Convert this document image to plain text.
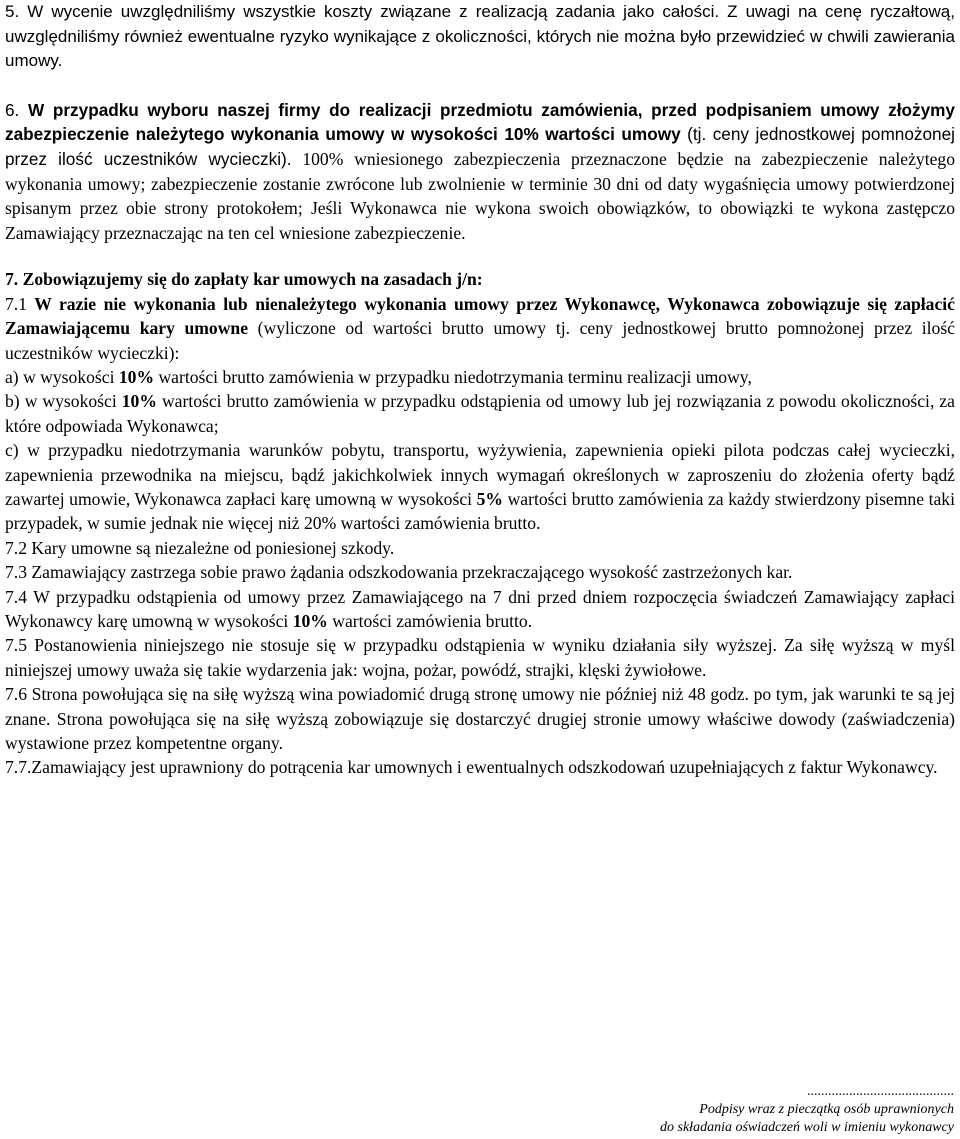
5. W wycenie uwzględniliśmy wszystkie koszty związane z realizacją zadania jako całości. Z uwagi na cenę ryczałtową, uwzględniliśmy również ewentualne ryzyko wynikające z okoliczności, których nie można było przewidzieć w chwili zawierania umowy.

6. W przypadku wyboru naszej firmy do realizacji przedmiotu zamówienia, przed podpisaniem umowy złożymy zabezpieczenie należytego wykonania umowy w wysokości 10% wartości umowy (tj. ceny jednostkowej pomnożonej przez ilość uczestników wycieczki). 100% wniesionego zabezpieczenia przeznaczone będzie na zabezpieczenie należytego wykonania umowy; zabezpieczenie zostanie zwrócone lub zwolnienie w terminie 30 dni od daty wygaśnięcia umowy potwierdzonej spisanym przez obie strony protokołem; Jeśli Wykonawca nie wykona swoich obowiązków, to obowiązki te wykona zastępczo Zamawiający przeznaczając na ten cel wniesione zabezpieczenie.

7. Zobowiązujemy się do zapłaty kar umowych na zasadach j/n:

7.1 W razie nie wykonania lub nienależytego wykonania umowy przez Wykonawcę, Wykonawca zobowiązuje się zapłacić Zamawiającemu kary umowne (wyliczone od wartości brutto umowy tj. ceny jednostkowej brutto pomnożonej przez ilość uczestników wycieczki):

a) w wysokości 10% wartości brutto zamówienia w przypadku niedotrzymania terminu realizacji umowy,

b) w wysokości 10% wartości brutto zamówienia w przypadku odstąpienia od umowy lub jej rozwiązania z powodu okoliczności, za które odpowiada Wykonawca;

c) w przypadku niedotrzymania warunków pobytu, transportu, wyżywienia, zapewnienia opieki pilota podczas całej wycieczki, zapewnienia przewodnika na miejscu, bądź jakichkolwiek innych wymagań określonych w zaproszeniu do złożenia oferty bądź zawartej umowie, Wykonawca zapłaci karę umowną w wysokości 5% wartości brutto zamówienia za każdy stwierdzony pisemne taki przypadek, w sumie jednak nie więcej niż 20% wartości zamówienia brutto.

7.2 Kary umowne są niezależne od poniesionej szkody.

7.3 Zamawiający zastrzega sobie prawo żądania odszkodowania przekraczającego wysokość zastrzeżonych kar.

7.4 W przypadku odstąpienia od umowy przez Zamawiającego na 7 dni przed dniem rozpoczęcia świadczeń Zamawiający zapłaci Wykonawcy karę umowną w wysokości 10% wartości zamówienia brutto.

7.5 Postanowienia niniejszego nie stosuje się w przypadku odstąpienia w wyniku działania siły wyższej. Za siłę wyższą w myśl niniejszej umowy uważa się takie wydarzenia jak: wojna, pożar, powódź, strajki, klęski żywiołowe.

7.6 Strona powołująca się na siłę wyższą wina powiadomić drugą stronę umowy nie później niż 48 godz. po tym, jak warunki te są jej znane. Strona powołująca się na siłę wyższą zobowiązuje się dostarczyć drugiej stronie umowy właściwe dowody (zaświadczenia) wystawione przez kompetentne organy.

7.7.Zamawiający jest uprawniony do potrącenia kar umownych i ewentualnych odszkodowań uzupełniających z faktur Wykonawcy.

..........................................
Podpisy wraz z pieczątką osób uprawnionych
do składania oświadczeń woli w imieniu wykonawcy
